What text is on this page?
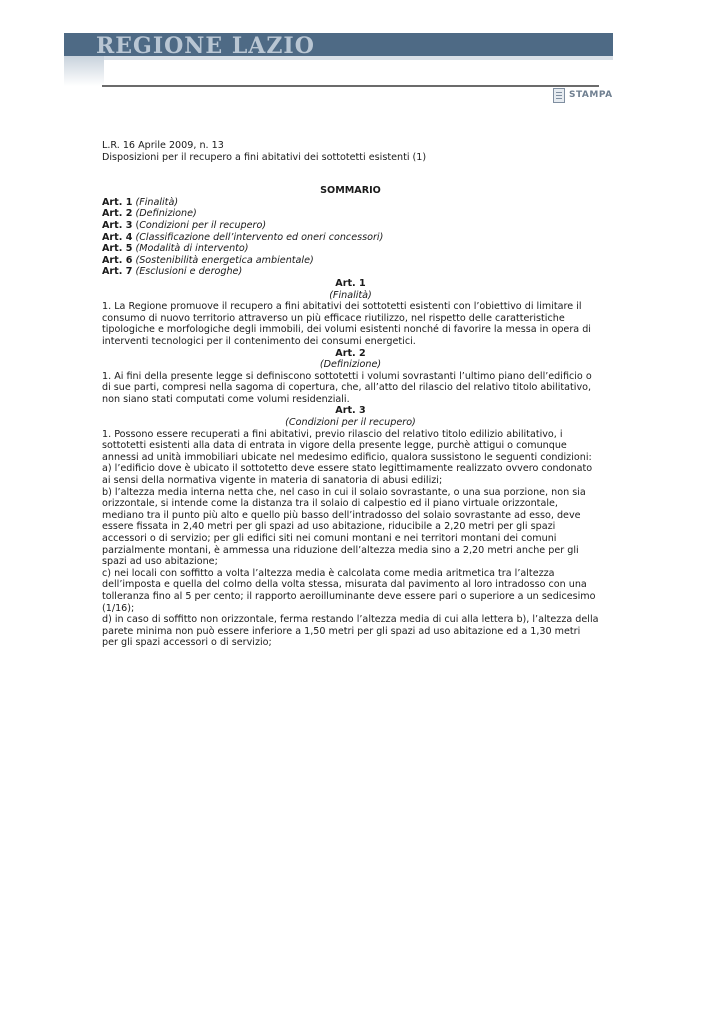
REGIONE LAZIO
STAMPA

L.R. 16 Aprile 2009, n. 13

Disposizioni per il recupero a fini abitativi dei sottotetti esistenti (1)

SOMMARIO

Art. 1 (Finalità)

Art. 2 (Definizione)

Art. 3 (Condizioni per il recupero)

Art. 4 (Classificazione dell’intervento ed oneri concessori)

Art. 5 (Modalità di intervento)

Art. 6 (Sostenibilità energetica ambientale)

Art. 7 (Esclusioni e deroghe)

Art. 1

(Finalità)

1. La Regione promuove il recupero a fini abitativi dei sottotetti esistenti con l’obiettivo di limitare il consumo di nuovo territorio attraverso un più efficace riutilizzo, nel rispetto delle caratteristiche tipologiche e morfologiche degli immobili, dei volumi esistenti nonché di favorire la messa in opera di interventi tecnologici per il contenimento dei consumi energetici.

Art. 2

(Definizione)

1. Ai fini della presente legge si definiscono sottotetti i volumi sovrastanti l’ultimo piano dell’edificio o di sue parti, compresi nella sagoma di copertura, che, all’atto del rilascio del relativo titolo abilitativo, non siano stati computati come volumi residenziali.

Art. 3

(Condizioni per il recupero)

1. Possono essere recuperati a fini abitativi, previo rilascio del relativo titolo edilizio abilitativo, i sottotetti esistenti alla data di entrata in vigore della presente legge, purchè attigui o comunque annessi ad unità immobiliari ubicate nel medesimo edificio, qualora sussistono le seguenti condizioni:

a) l’edificio dove è ubicato il sottotetto deve essere stato legittimamente realizzato ovvero condonato ai sensi della normativa vigente in materia di sanatoria di abusi edilizi;

b) l’altezza media interna netta che, nel caso in cui il solaio sovrastante, o una sua porzione, non sia orizzontale, si intende come la distanza tra il solaio di calpestio ed il piano virtuale orizzontale, mediano tra il punto più alto e quello più basso dell’intradosso del solaio sovrastante ad esso, deve essere fissata in 2,40 metri per gli spazi ad uso abitazione, riducibile a 2,20 metri per gli spazi accessori o di servizio; per gli edifici siti nei comuni montani e nei territori montani dei comuni parzialmente montani, è ammessa una riduzione dell’altezza media sino a 2,20 metri anche per gli spazi ad uso abitazione;

c) nei locali con soffitto a volta l’altezza media è calcolata come media aritmetica tra l’altezza dell’imposta e quella del colmo della volta stessa, misurata dal pavimento al loro intradosso con una tolleranza fino al 5 per cento; il rapporto aeroilluminante deve essere pari o superiore a un sedicesimo (1/16);

d) in caso di soffitto non orizzontale, ferma restando l’altezza media di cui alla lettera b), l’altezza della parete minima non può essere inferiore a 1,50 metri per gli spazi ad uso abitazione ed a 1,30 metri per gli spazi accessori o di servizio;
